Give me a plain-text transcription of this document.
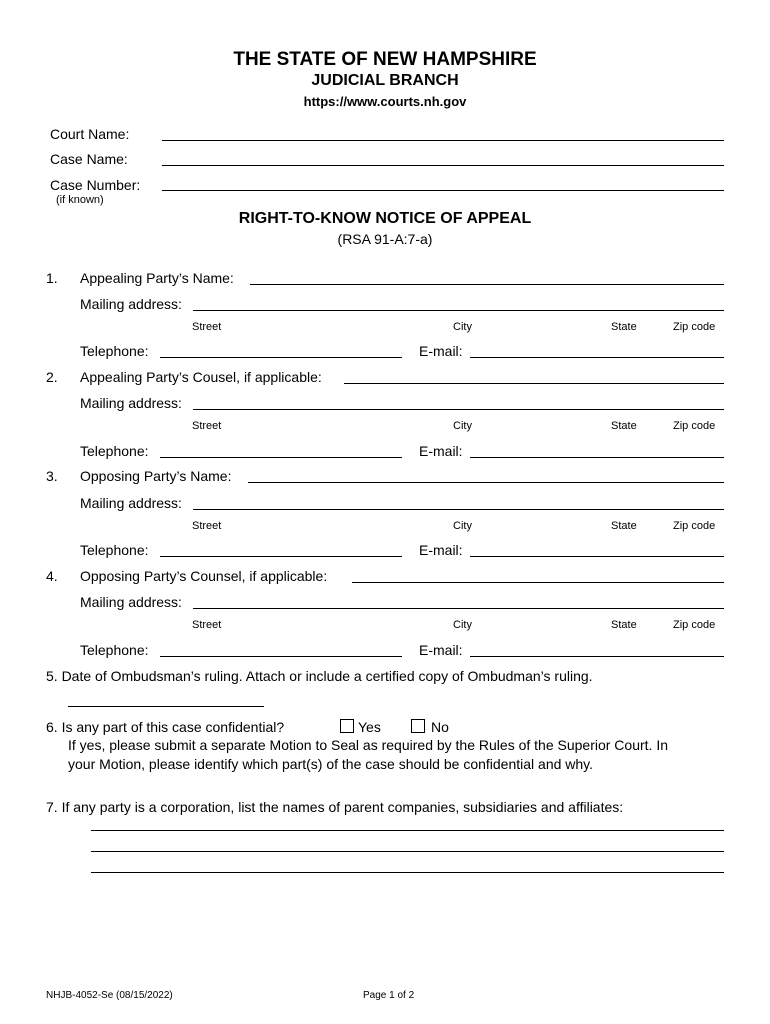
THE STATE OF NEW HAMPSHIRE
JUDICIAL BRANCH
https://www.courts.nh.gov
Court Name:
Case Name:
Case Number:
(if known)
RIGHT-TO-KNOW NOTICE OF APPEAL
(RSA 91-A:7-a)
1. Appealing Party’s Name:
Mailing address:
Street	City	State	Zip code
Telephone:	E-mail:
2. Appealing Party’s Cousel, if applicable:
Mailing address:
Street	City	State	Zip code
Telephone:	E-mail:
3. Opposing Party’s Name:
Mailing address:
Street	City	State	Zip code
Telephone:	E-mail:
4. Opposing Party’s Counsel, if applicable:
Mailing address:
Street	City	State	Zip code
Telephone:	E-mail:
5. Date of Ombudsman’s ruling. Attach or include a certified copy of Ombudman’s ruling.
6. Is any part of this case confidential?	Yes	No
If yes, please submit a separate Motion to Seal as required by the Rules of the Superior Court. In
your Motion, please identify which part(s) of the case should be confidential and why.
7. If any party is a corporation, list the names of parent companies, subsidiaries and affiliates:
NHJB-4052-Se (08/15/2022)	Page 1 of 2
